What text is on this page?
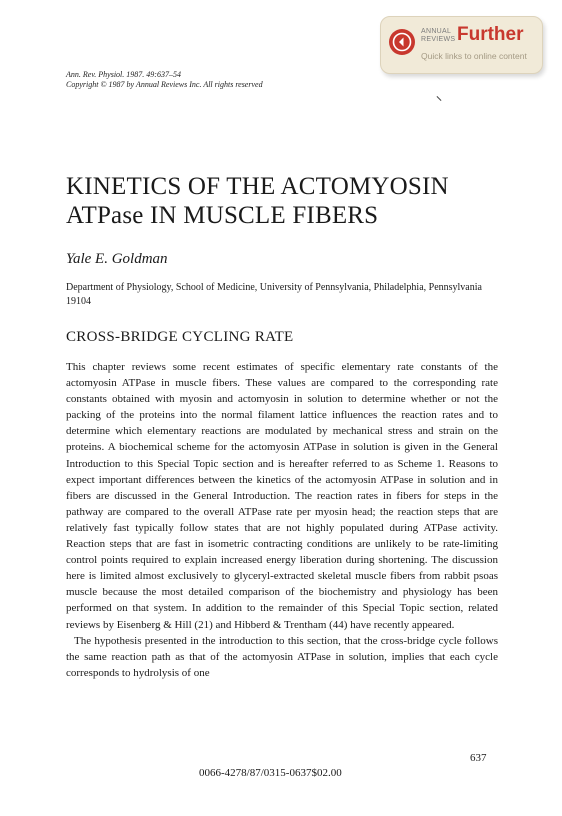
ANNUAL
REVIEWS Further
Quick links to online content
Ann. Rev. Physiol. 1987. 49:637–54
Copyright © 1987 by Annual Reviews Inc. All rights reserved
KINETICS OF THE ACTOMYOSIN
ATPase IN MUSCLE FIBERS
Yale E. Goldman
Department of Physiology, School of Medicine, University of Pennsylvania, Philadelphia, Pennsylvania 19104
CROSS-BRIDGE CYCLING RATE

This chapter reviews some recent estimates of specific elementary rate constants of the actomyosin ATPase in muscle fibers. These values are compared to the corresponding rate constants obtained with myosin and actomyosin in solution to determine whether or not the packing of the proteins into the normal filament lattice influences the reaction rates and to determine which elementary reactions are modulated by mechanical stress and strain on the proteins. A biochemical scheme for the actomyosin ATPase in solution is given in the General Introduction to this Special Topic section and is hereafter referred to as Scheme 1. Reasons to expect important differences between the kinetics of the actomyosin ATPase in solution and in fibers are discussed in the General Introduction. The reaction rates in fibers for steps in the pathway are compared to the overall ATPase rate per myosin head; the reaction steps that are relatively fast typically follow states that are not highly populated during ATPase activity. Reaction steps that are fast in isometric contracting conditions are unlikely to be rate-limiting control points required to explain increased energy liberation during shortening. The discussion here is limited almost exclusively to glyceryl-extracted skeletal muscle fibers from rabbit psoas muscle because the most detailed comparison of the biochemistry and physiology has been performed on that system. In addition to the remainder of this Special Topic section, related reviews by Eisenberg & Hill (21) and Hibberd & Trentham (44) have recently appeared.

The hypothesis presented in the introduction to this section, that the cross-bridge cycle follows the same reaction path as that of the actomyosin ATPase in solution, implies that each cycle corresponds to hydrolysis of one

637
0066-4278/87/0315-0637$02.00
